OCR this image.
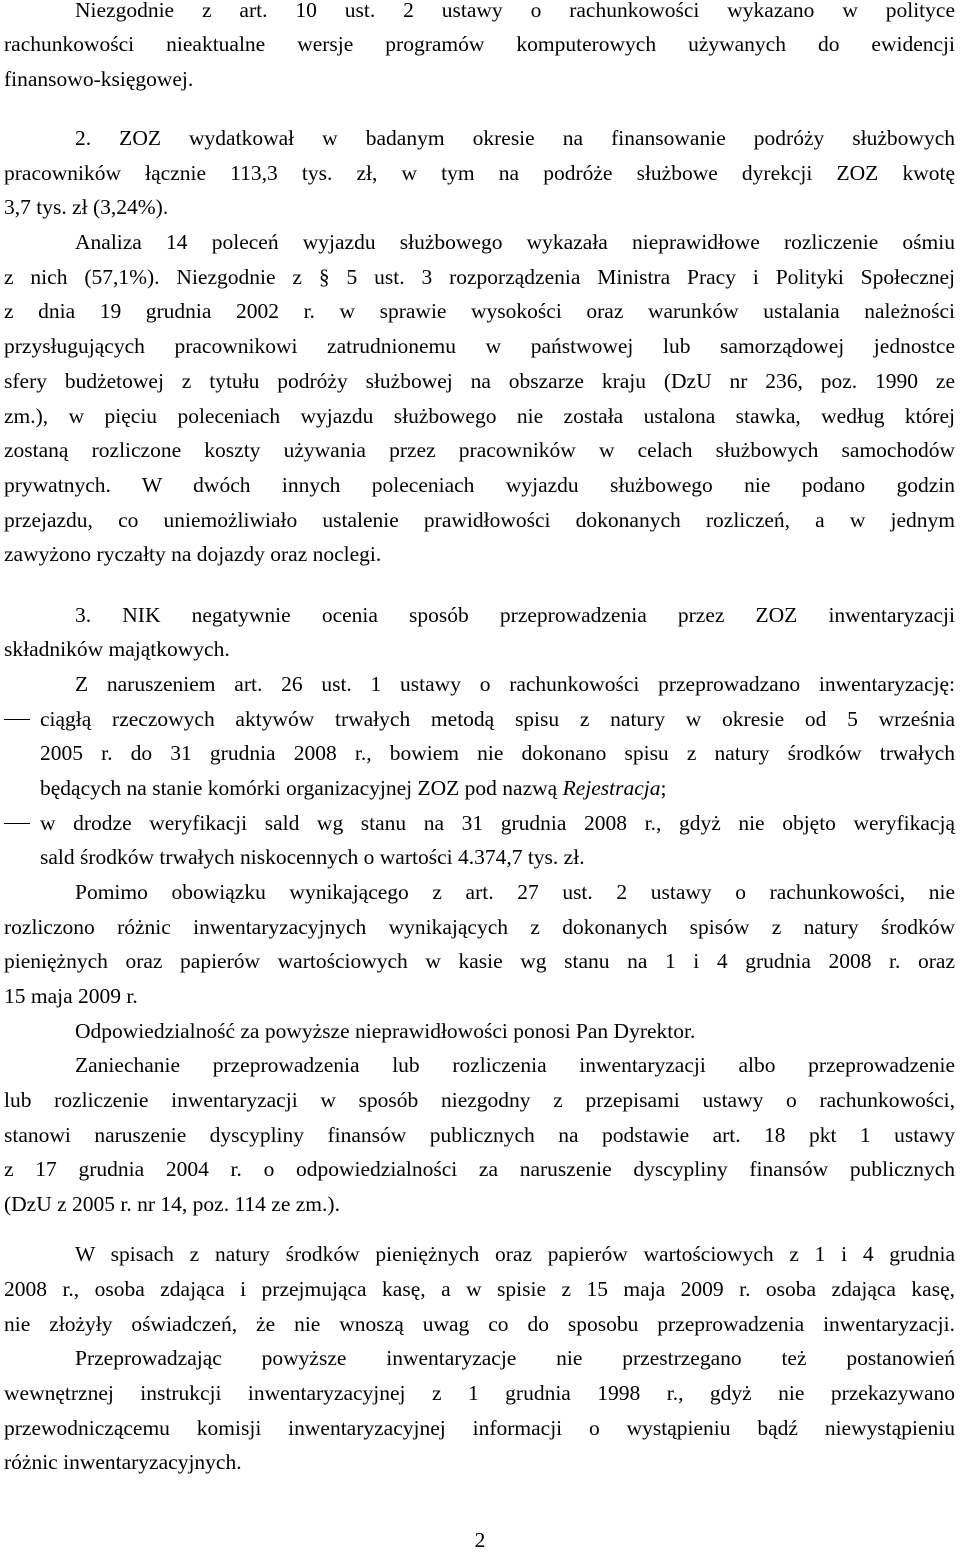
Niezgodnie z art. 10 ust. 2 ustawy o rachunkowości wykazano w polityce
rachunkowości nieaktualne wersje programów komputerowych używanych do ewidencji
finansowo-księgowej.
2. ZOZ wydatkował w badanym okresie na finansowanie podróży służbowych
pracowników łącznie 113,3 tys. zł, w tym na podróże służbowe dyrekcji ZOZ kwotę
3,7 tys. zł (3,24%).
Analiza 14 poleceń wyjazdu służbowego wykazała nieprawidłowe rozliczenie ośmiu
z nich (57,1%). Niezgodnie z § 5 ust. 3 rozporządzenia Ministra Pracy i Polityki Społecznej
z dnia 19 grudnia 2002 r. w sprawie wysokości oraz warunków ustalania należności
przysługujących pracownikowi zatrudnionemu w państwowej lub samorządowej jednostce
sfery budżetowej z tytułu podróży służbowej na obszarze kraju (DzU nr 236, poz. 1990 ze
zm.), w pięciu poleceniach wyjazdu służbowego nie została ustalona stawka, według której
zostaną rozliczone koszty używania przez pracowników w celach służbowych samochodów
prywatnych. W dwóch innych poleceniach wyjazdu służbowego nie podano godzin
przejazdu, co uniemożliwiało ustalenie prawidłowości dokonanych rozliczeń, a w jednym
zawyżono ryczałty na dojazdy oraz noclegi.
3. NIK negatywnie ocenia sposób przeprowadzenia przez ZOZ inwentaryzacji
składników majątkowych.
Z naruszeniem art. 26 ust. 1 ustawy o rachunkowości przeprowadzano inwentaryzację:
ciągłą rzeczowych aktywów trwałych metodą spisu z natury w okresie od 5 września
2005 r. do 31 grudnia 2008 r., bowiem nie dokonano spisu z natury środków trwałych
będących na stanie komórki organizacyjnej ZOZ pod nazwą Rejestracja;
w drodze weryfikacji sald wg stanu na 31 grudnia 2008 r., gdyż nie objęto weryfikacją
sald środków trwałych niskocennych o wartości 4.374,7 tys. zł.
Pomimo obowiązku wynikającego z art. 27 ust. 2 ustawy o rachunkowości, nie
rozliczono różnic inwentaryzacyjnych wynikających z dokonanych spisów z natury środków
pieniężnych oraz papierów wartościowych w kasie wg stanu na 1 i 4 grudnia 2008 r. oraz
15 maja 2009 r.
Odpowiedzialność za powyższe nieprawidłowości ponosi Pan Dyrektor.
Zaniechanie przeprowadzenia lub rozliczenia inwentaryzacji albo przeprowadzenie
lub rozliczenie inwentaryzacji w sposób niezgodny z przepisami ustawy o rachunkowości,
stanowi naruszenie dyscypliny finansów publicznych na podstawie art. 18 pkt 1 ustawy
z 17 grudnia 2004 r. o odpowiedzialności za naruszenie dyscypliny finansów publicznych
(DzU z 2005 r. nr 14, poz. 114 ze zm.).
W spisach z natury środków pieniężnych oraz papierów wartościowych z 1 i 4 grudnia
2008 r., osoba zdająca i przejmująca kasę, a w spisie z 15 maja 2009 r. osoba zdająca kasę,
nie złożyły oświadczeń, że nie wnoszą uwag co do sposobu przeprowadzenia inwentaryzacji.
Przeprowadzając powyższe inwentaryzacje nie przestrzegano też postanowień
wewnętrznej instrukcji inwentaryzacyjnej z 1 grudnia 1998 r., gdyż nie przekazywano
przewodniczącemu komisji inwentaryzacyjnej informacji o wystąpieniu bądź niewystąpieniu
różnic inwentaryzacyjnych.
2
